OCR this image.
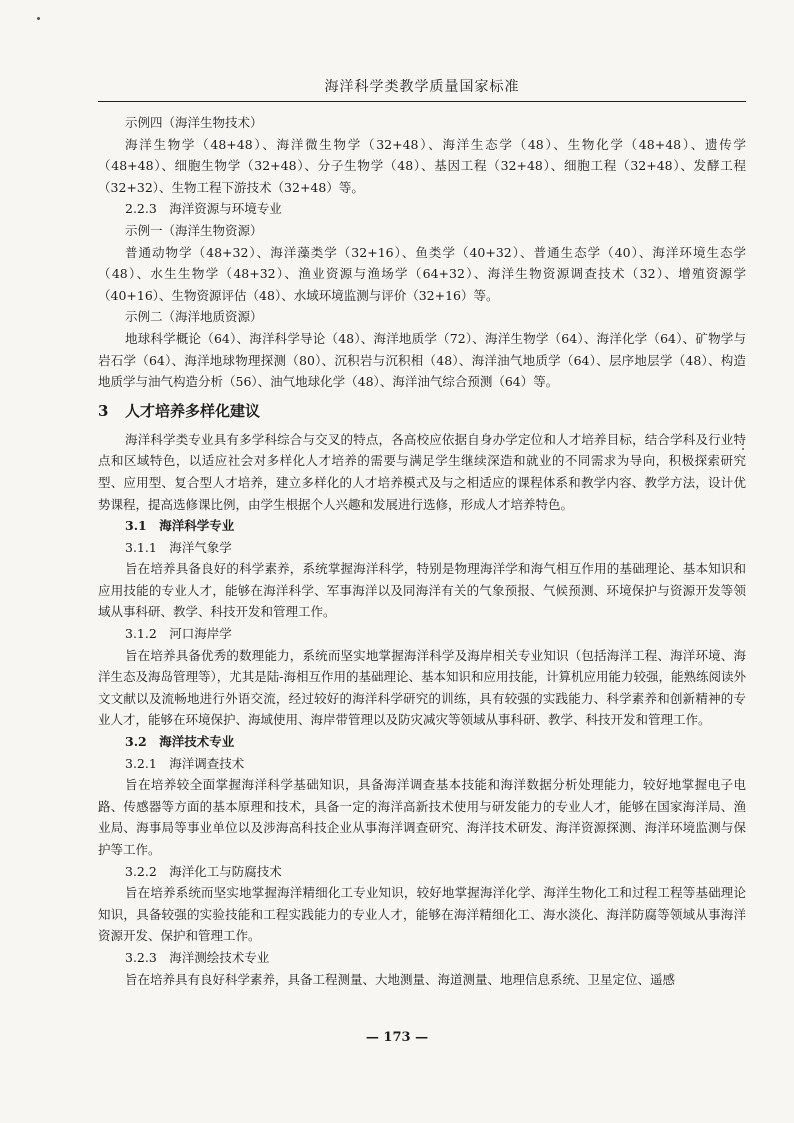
海洋科学类教学质量国家标准

示例四（海洋生物技术）

海洋生物学（48+48）、海洋微生物学（32+48）、海洋生态学（48）、生物化学（48+48）、遗传学（48+48）、细胞生物学（32+48）、分子生物学（48）、基因工程（32+48）、细胞工程（32+48）、发酵工程（32+32）、生物工程下游技术（32+48）等。

2.2.3　海洋资源与环境专业

示例一（海洋生物资源）

普通动物学（48+32）、海洋藻类学（32+16）、鱼类学（40+32）、普通生态学（40）、海洋环境生态学（48）、水生生物学（48+32）、渔业资源与渔场学（64+32）、海洋生物资源调查技术（32）、增殖资源学（40+16）、生物资源评估（48）、水域环境监测与评价（32+16）等。

示例二（海洋地质资源）

地球科学概论（64）、海洋科学导论（48）、海洋地质学（72）、海洋生物学（64）、海洋化学（64）、矿物学与岩石学（64）、海洋地球物理探测（80）、沉积岩与沉积相（48）、海洋油气地质学（64）、层序地层学（48）、构造地质学与油气构造分析（56）、油气地球化学（48）、海洋油气综合预测（64）等。

3 人才培养多样化建议

海洋科学类专业具有多学科综合与交叉的特点，各高校应依据自身办学定位和人才培养目标，结合学科及行业特点和区域特色，以适应社会对多样化人才培养的需要与满足学生继续深造和就业的不同需求为导向，积极探索研究型、应用型、复合型人才培养，建立多样化的人才培养模式及与之相适应的课程体系和教学内容、教学方法，设计优势课程，提高选修课比例，由学生根据个人兴趣和发展进行选修，形成人才培养特色。

3.1　海洋科学专业

3.1.1　海洋气象学

旨在培养具备良好的科学素养，系统掌握海洋科学，特别是物理海洋学和海气相互作用的基础理论、基本知识和应用技能的专业人才，能够在海洋科学、军事海洋以及同海洋有关的气象预报、气候预测、环境保护与资源开发等领域从事科研、教学、科技开发和管理工作。

3.1.2　河口海岸学

旨在培养具备优秀的数理能力，系统而坚实地掌握海洋科学及海岸相关专业知识（包括海洋工程、海洋环境、海洋生态及海岛管理等），尤其是陆-海相互作用的基础理论、基本知识和应用技能，计算机应用能力较强，能熟练阅读外文文献以及流畅地进行外语交流，经过较好的海洋科学研究的训练，具有较强的实践能力、科学素养和创新精神的专业人才，能够在环境保护、海域使用、海岸带管理以及防灾减灾等领域从事科研、教学、科技开发和管理工作。

3.2　海洋技术专业

3.2.1　海洋调查技术

旨在培养较全面掌握海洋科学基础知识，具备海洋调查基本技能和海洋数据分析处理能力，较好地掌握电子电路、传感器等方面的基本原理和技术，具备一定的海洋高新技术使用与研发能力的专业人才，能够在国家海洋局、渔业局、海事局等事业单位以及涉海高科技企业从事海洋调查研究、海洋技术研发、海洋资源探测、海洋环境监测与保护等工作。

3.2.2　海洋化工与防腐技术

旨在培养系统而坚实地掌握海洋精细化工专业知识，较好地掌握海洋化学、海洋生物化工和过程工程等基础理论知识，具备较强的实验技能和工程实践能力的专业人才，能够在海洋精细化工、海水淡化、海洋防腐等领域从事海洋资源开发、保护和管理工作。

3.2.3　海洋测绘技术专业

旨在培养具有良好科学素养，具备工程测量、大地测量、海道测量、地理信息系统、卫星定位、遥感

— 173 —
